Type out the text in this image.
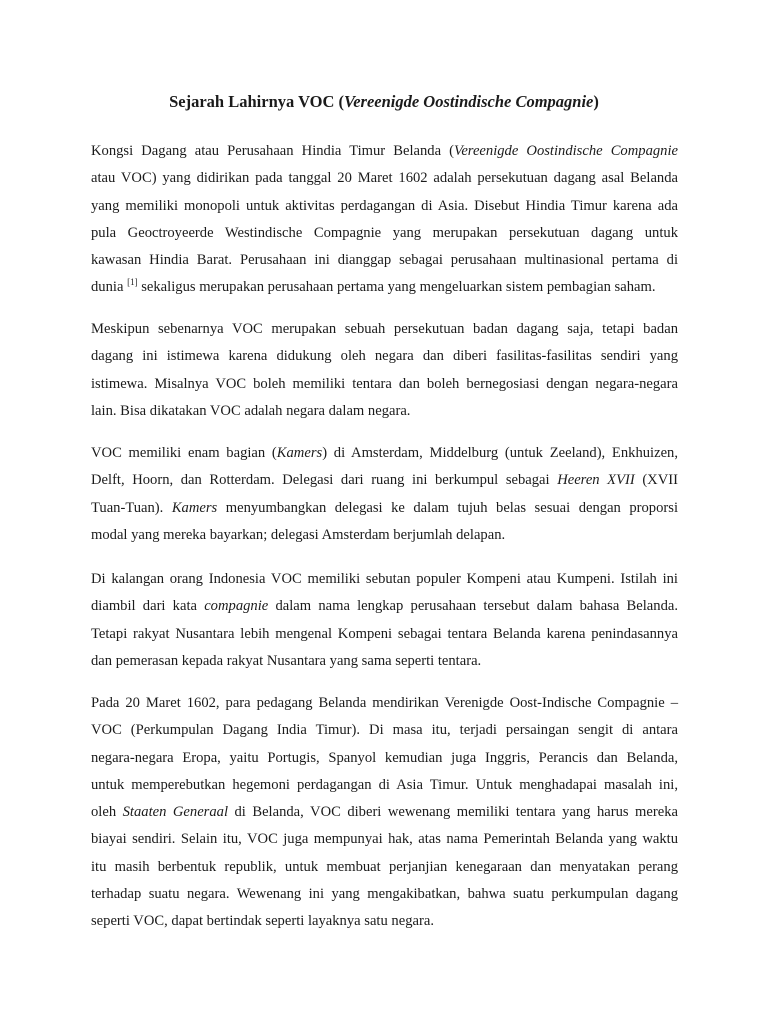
Sejarah Lahirnya VOC (Vereenigde Oostindische Compagnie)
Kongsi Dagang atau Perusahaan Hindia Timur Belanda (Vereenigde Oostindische Compagnie
atau VOC) yang didirikan pada tanggal 20 Maret 1602 adalah persekutuan dagang asal Belanda
yang memiliki monopoli untuk aktivitas perdagangan di Asia. Disebut Hindia Timur karena ada
pula Geoctroyeerde Westindische Compagnie yang merupakan persekutuan dagang untuk
kawasan Hindia Barat. Perusahaan ini dianggap sebagai perusahaan multinasional pertama di
dunia [1] sekaligus merupakan perusahaan pertama yang mengeluarkan sistem pembagian saham.
Meskipun sebenarnya VOC merupakan sebuah persekutuan badan dagang saja, tetapi badan
dagang ini istimewa karena didukung oleh negara dan diberi fasilitas-fasilitas sendiri yang
istimewa. Misalnya VOC boleh memiliki tentara dan boleh bernegosiasi dengan negara-negara
lain. Bisa dikatakan VOC adalah negara dalam negara.
VOC memiliki enam bagian (Kamers) di Amsterdam, Middelburg (untuk Zeeland), Enkhuizen,
Delft, Hoorn, dan Rotterdam. Delegasi dari ruang ini berkumpul sebagai Heeren XVII (XVII
Tuan-Tuan). Kamers menyumbangkan delegasi ke dalam tujuh belas sesuai dengan proporsi
modal yang mereka bayarkan; delegasi Amsterdam berjumlah delapan.
Di kalangan orang Indonesia VOC memiliki sebutan populer Kompeni atau Kumpeni. Istilah ini
diambil dari kata compagnie dalam nama lengkap perusahaan tersebut dalam bahasa Belanda.
Tetapi rakyat Nusantara lebih mengenal Kompeni sebagai tentara Belanda karena penindasannya
dan pemerasan kepada rakyat Nusantara yang sama seperti tentara.
Pada 20 Maret 1602, para pedagang Belanda mendirikan Verenigde Oost-Indische Compagnie –
VOC (Perkumpulan Dagang India Timur). Di masa itu, terjadi persaingan sengit di antara
negara-negara Eropa, yaitu Portugis, Spanyol kemudian juga Inggris, Perancis dan Belanda,
untuk memperebutkan hegemoni perdagangan di Asia Timur. Untuk menghadapai masalah ini,
oleh Staaten Generaal di Belanda, VOC diberi wewenang memiliki tentara yang harus mereka
biayai sendiri. Selain itu, VOC juga mempunyai hak, atas nama Pemerintah Belanda yang waktu
itu masih berbentuk republik, untuk membuat perjanjian kenegaraan dan menyatakan perang
terhadap suatu negara. Wewenang ini yang mengakibatkan, bahwa suatu perkumpulan dagang
seperti VOC, dapat bertindak seperti layaknya satu negara.
